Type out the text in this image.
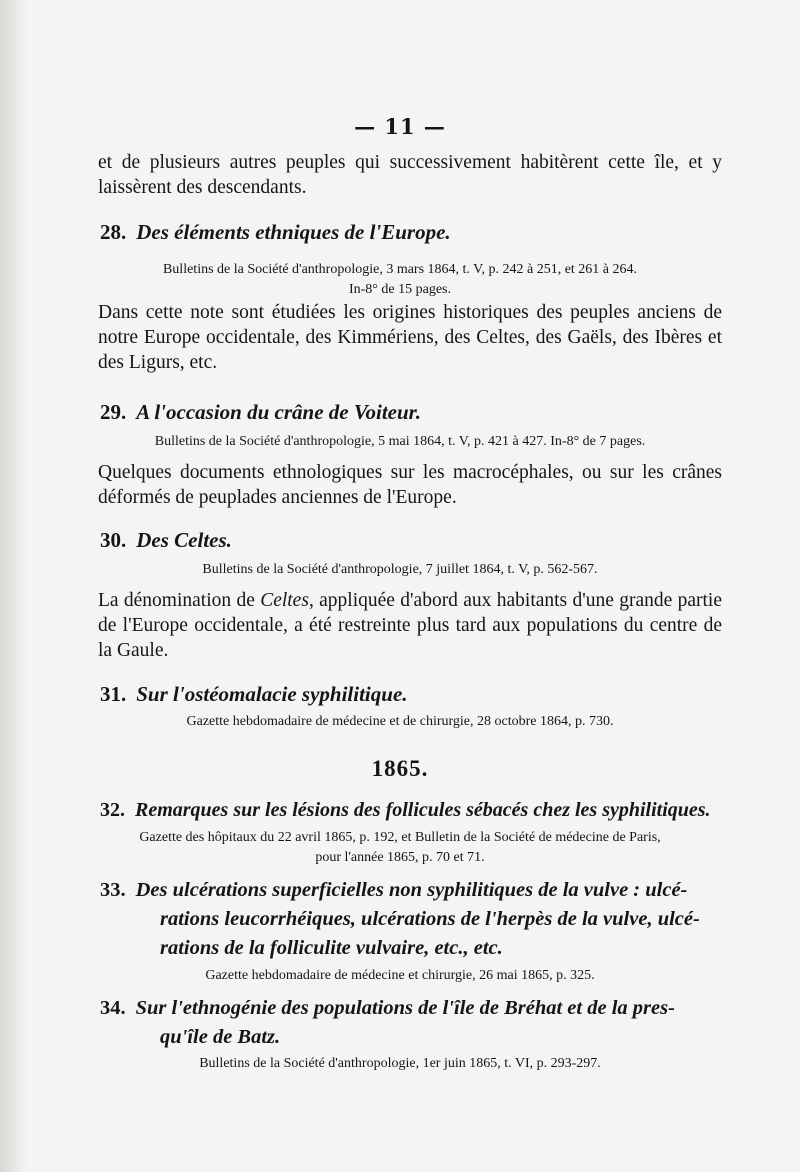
— 11 —

et de plusieurs autres peuples qui successivement habitèrent cette île, et y laissèrent des descendants.

28. Des éléments ethniques de l'Europe.

Bulletins de la Société d'anthropologie, 3 mars 1864, t. V, p. 242 à 251, et 261 à 264.
In-8° de 15 pages.

Dans cette note sont étudiées les origines historiques des peuples anciens de notre Europe occidentale, des Kimmériens, des Celtes, des Gaëls, des Ibères et des Ligurs, etc.

29. A l'occasion du crâne de Voiteur.

Bulletins de la Société d'anthropologie, 5 mai 1864, t. V, p. 421 à 427. In-8° de 7 pages.

Quelques documents ethnologiques sur les macrocéphales, ou sur les crânes déformés de peuplades anciennes de l'Europe.

30. Des Celtes.

Bulletins de la Société d'anthropologie, 7 juillet 1864, t. V, p. 562-567.

La dénomination de Celtes, appliquée d'abord aux habitants d'une grande partie de l'Europe occidentale, a été restreinte plus tard aux populations du centre de la Gaule.

31. Sur l'ostéomalacie syphilitique.

Gazette hebdomadaire de médecine et de chirurgie, 28 octobre 1864, p. 730.

1865.
32. Remarques sur les lésions des follicules sébacés chez les syphilitiques.

Gazette des hôpitaux du 22 avril 1865, p. 192, et Bulletin de la Société de médecine de Paris,
pour l'année 1865, p. 70 et 71.

33. Des ulcérations superficielles non syphilitiques de la vulve : ulcé-
rations leucorrhéiques, ulcérations de l'herpès de la vulve, ulcé-
rations de la folliculite vulvaire, etc., etc.

Gazette hebdomadaire de médecine et chirurgie, 26 mai 1865, p. 325.

34. Sur l'ethnogénie des populations de l'île de Bréhat et de la pres-
qu'île de Batz.

Bulletins de la Société d'anthropologie, 1er juin 1865, t. VI, p. 293-297.
